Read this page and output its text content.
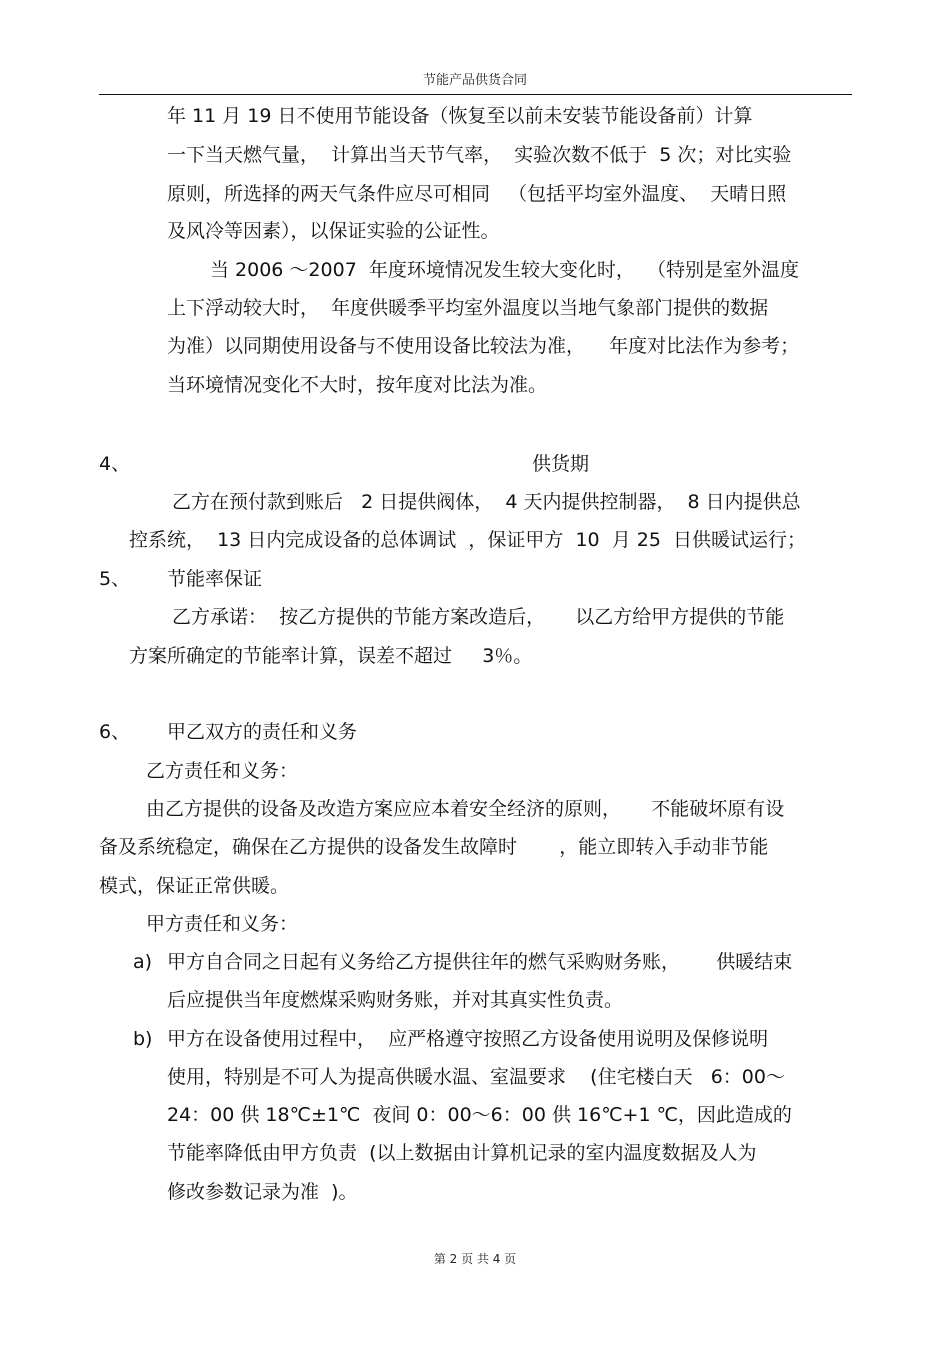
节能产品供货合同
年 11 月 19 日不使用节能设备（恢复至以前未安装节能设备前）计算
一下当天燃气量，  计算出当天节气率，  实验次数不低于  5 次；对比实验
原则，所选择的两天气条件应尽可相同   （包括平均室外温度、  天晴日照
及风冷等因素），以保证实验的公证性。
当 2006 ～2007  年度环境情况发生较大变化时，  （特别是室外温度
上下浮动较大时，  年度供暖季平均室外温度以当地气象部门提供的数据
为准）以同期使用设备与不使用设备比较法为准，    年度对比法作为参考；
当环境情况变化不大时，按年度对比法为准。
4、	供货期
乙方在预付款到账后   2 日提供阀体，  4 天内提供控制器，  8 日内提供总
控系统，  13 日内完成设备的总体调试  ，保证甲方  10  月 25  日供暖试运行；
5、 节能率保证
乙方承诺：  按乙方提供的节能方案改造后，     以乙方给甲方提供的节能
方案所确定的节能率计算，误差不超过     3％。
6、 甲乙双方的责任和义务
乙方责任和义务：
由乙方提供的设备及改造方案应应本着安全经济的原则，     不能破坏原有设
备及系统稳定，确保在乙方提供的设备发生故障时       ，能立即转入手动非节能
模式，保证正常供暖。
甲方责任和义务：
a) 甲方自合同之日起有义务给乙方提供往年的燃气采购财务账，      供暖结束
后应提供当年度燃煤采购财务账，并对其真实性负责。
b) 甲方在设备使用过程中，  应严格遵守按照乙方设备使用说明及保修说明
使用，特别是不可人为提高供暖水温、室温要求    (住宅楼白天   6：00～
24：00 供 18℃±1℃  夜间 0：00～6：00 供 16℃+1 ℃，因此造成的
节能率降低由甲方负责  (以上数据由计算机记录的室内温度数据及人为
修改参数记录为准  )。
第 2 页 共 4 页
